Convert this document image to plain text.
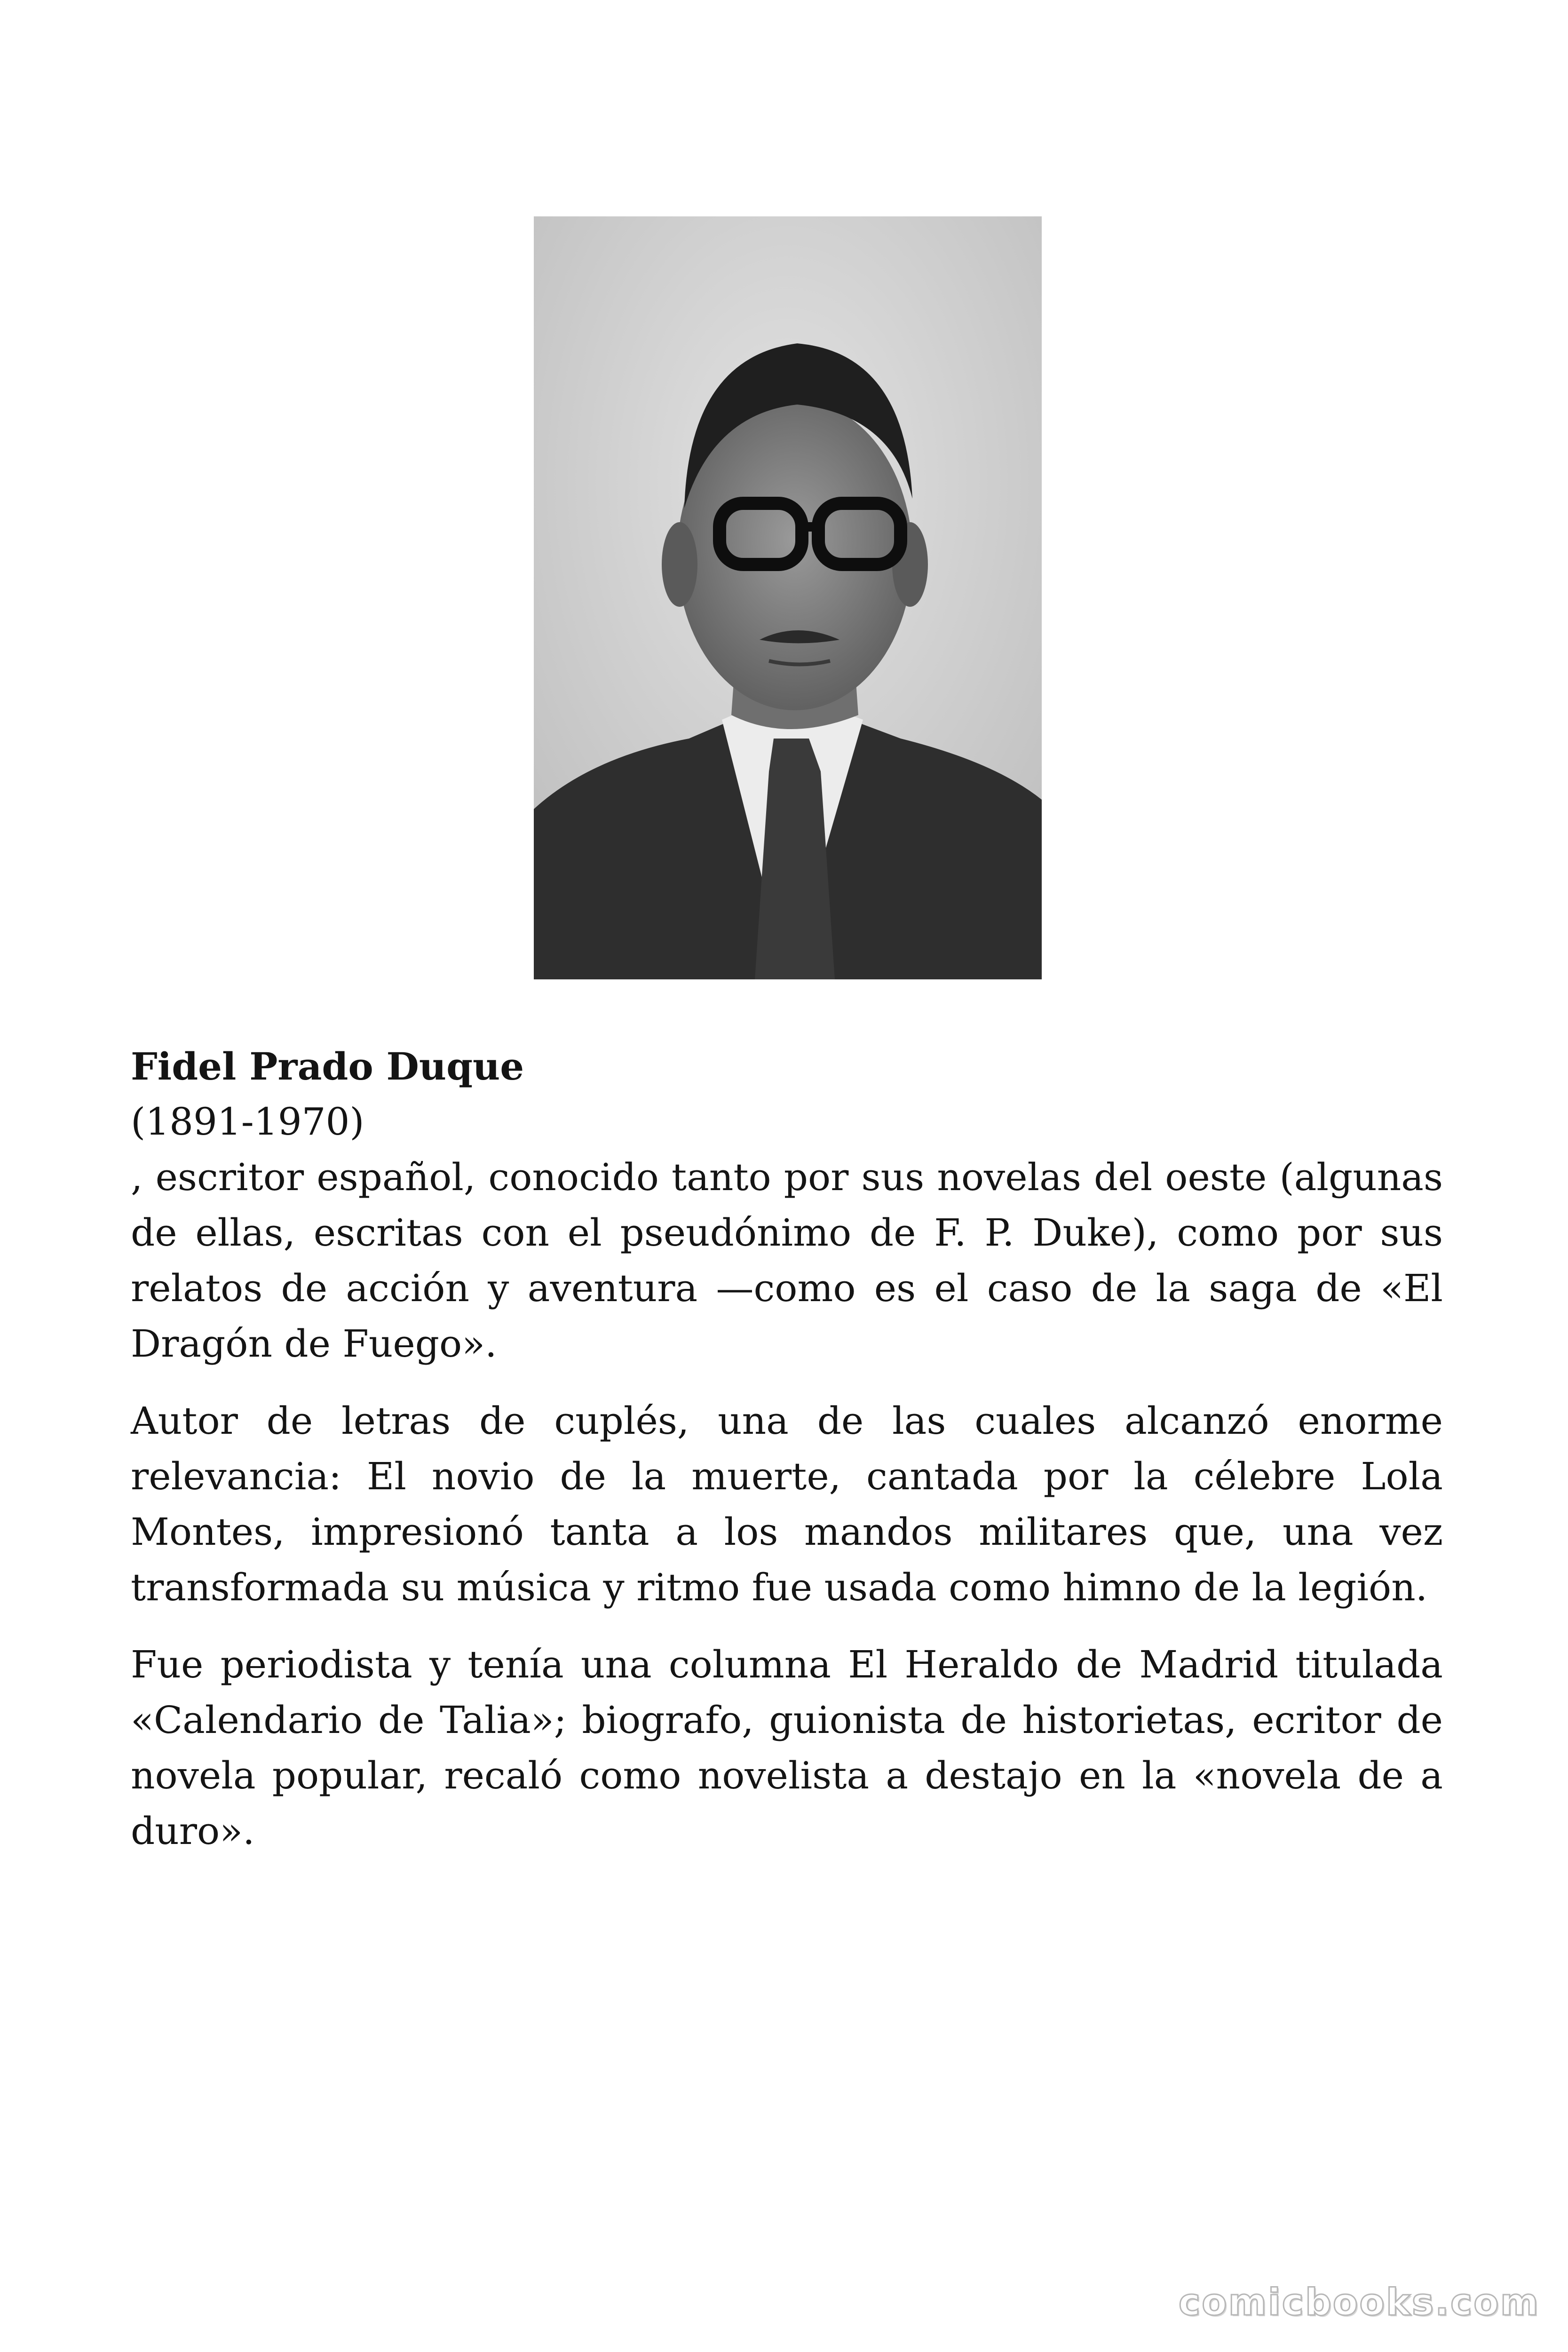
Fidel Prado Duque

(1891-1970)

, escritor español, conocido tanto por sus novelas del oeste (algunas de ellas, escritas con el pseudónimo de F. P. Duke), como por sus relatos de acción y aventura —como es el caso de la saga de «El Dragón de Fuego».

Autor de letras de cuplés, una de las cuales alcanzó enorme relevancia: El novio de la muerte, cantada por la célebre Lola Montes, impresionó tanta a los mandos militares que, una vez transformada su música y ritmo fue usada como himno de la legión.

Fue periodista y tenía una columna El Heraldo de Madrid titulada «Calendario de Talia»; biografo, guionista de historietas, ecritor de novela popular, recaló como novelista a destajo en la «novela de a duro».

comicbooks.com
